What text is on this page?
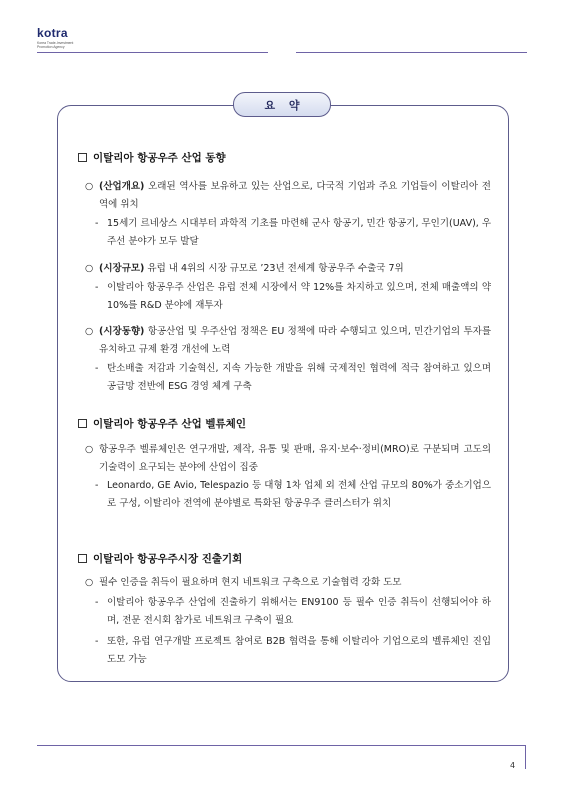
kotra
Korea Trade-Investment
Promotion Agency
요 약
이탈리아 항공우주 산업 동향
○ (산업개요) 오래된 역사를 보유하고 있는 산업으로, 다국적 기업과 주요 기업들이 이탈리아 전역에 위치
- 15세기 르네상스 시대부터 과학적 기초를 마련해 군사 항공기, 민간 항공기, 무인기(UAV), 우주선 분야가 모두 발달
○ (시장규모) 유럽 내 4위의 시장 규모로 ’23년 전세계 항공우주 수출국 7위
- 이탈리아 항공우주 산업은 유럽 전체 시장에서 약 12%를 차지하고 있으며, 전체 매출액의 약 10%를 R&D 분야에 재투자
○ (시장동향) 항공산업 및 우주산업 정책은 EU 정책에 따라 수행되고 있으며, 민간기업의 투자를 유치하고 규제 환경 개선에 노력
- 탄소배출 저감과 기술혁신, 지속 가능한 개발을 위해 국제적인 협력에 적극 참여하고 있으며 공급망 전반에 ESG 경영 체계 구축
이탈리아 항공우주 산업 벨류체인
○ 항공우주 벨류체인은 연구개발, 제작, 유통 및 판매, 유지·보수·정비(MRO)로 구분되며 고도의 기술력이 요구되는 분야에 산업이 집중
- Leonardo, GE Avio, Telespazio 등 대형 1차 업체 외 전체 산업 규모의 80%가 중소기업으로 구성, 이탈리아 전역에 분야별로 특화된 항공우주 클러스터가 위치
이탈리아 항공우주시장 진출기회
○ 필수 인증을 취득이 필요하며 현지 네트워크 구축으로 기술협력 강화 도모
- 이탈리아 항공우주 산업에 진출하기 위해서는 EN9100 등 필수 인증 취득이 선행되어야 하며, 전문 전시회 참가로 네트워크 구축이 필요
- 또한, 유럽 연구개발 프로젝트 참여로 B2B 협력을 통해 이탈리아 기업으로의 벨류체인 진입 도모 가능
4
